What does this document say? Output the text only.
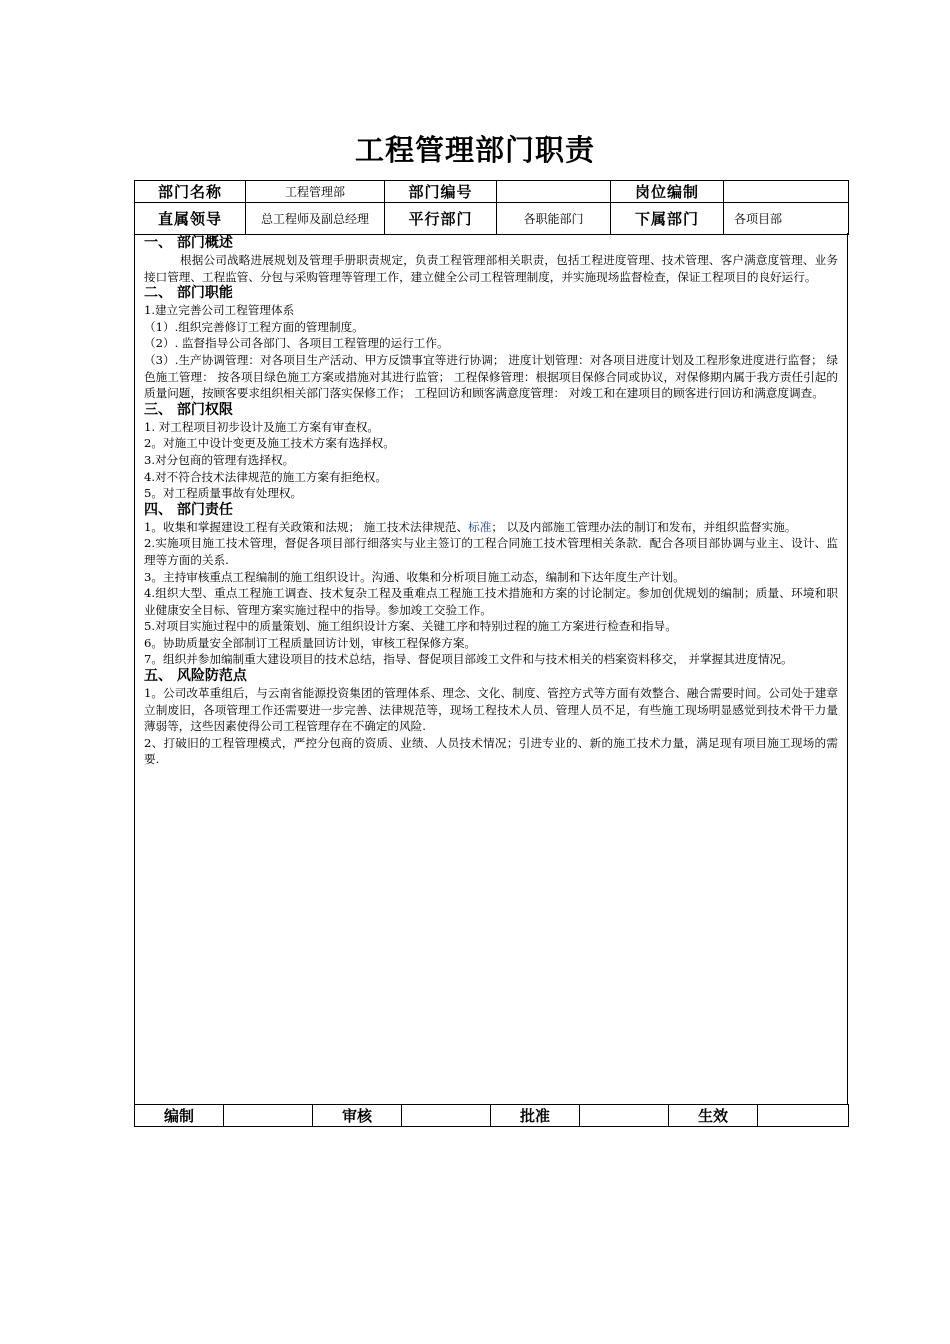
工程管理部门职责
部门名称	工程管理部	部门编号		岗位编制	
直属领导	总工程师及副总经理	平行部门	各职能部门	下属部门	各项目部
一、 部门概述

根据公司战略进展规划及管理手册职责规定，负责工程管理部相关职责，包括工程进度管理、技术管理、客户满意度管理、业务接口管理、工程监管、分包与采购管理等管理工作，建立健全公司工程管理制度，并实施现场监督检查，保证工程项目的良好运行。

二、 部门职能

1.建立完善公司工程管理体系

（1）.组织完善修订工程方面的管理制度。

（2）. 监督指导公司各部门、各项目工程管理的运行工作。

（3）.生产协调管理：对各项目生产活动、甲方反馈事宜等进行协调； 进度计划管理：对各项目进度计划及工程形象进度进行监督； 绿色施工管理： 按各项目绿色施工方案或措施对其进行监管； 工程保修管理：根据项目保修合同或协议，对保修期内属于我方责任引起的质量问题，按顾客要求组织相关部门落实保修工作； 工程回访和顾客满意度管理： 对竣工和在建项目的顾客进行回访和满意度调查。

三、 部门权限

1. 对工程项目初步设计及施工方案有审查权。

2。对施工中设计变更及施工技术方案有选择权。

3.对分包商的管理有选择权。

4.对不符合技术法律规范的施工方案有拒绝权。

5。对工程质量事故有处理权。

四、 部门责任

1。收集和掌握建设工程有关政策和法规； 施工技术法律规范、标准； 以及内部施工管理办法的制订和发布，并组织监督实施。

2.实施项目施工技术管理，督促各项目部行细落实与业主签订的工程合同施工技术管理相关条款．配合各项目部协调与业主、设计、监理等方面的关系.

3。主持审核重点工程编制的施工组织设计。沟通、收集和分析项目施工动态，编制和下达年度生产计划。

4.组织大型、重点工程施工调查、技术复杂工程及重难点工程施工技术措施和方案的讨论制定。参加创优规划的编制；质量、环境和职业健康安全目标、管理方案实施过程中的指导。参加竣工交验工作。

5.对项目实施过程中的质量策划、施工组织设计方案、关键工序和特别过程的施工方案进行检查和指导。

6。协助质量安全部制订工程质量回访计划，审核工程保修方案。

7。组织并参加编制重大建设项目的技术总结，指导、督促项目部竣工文件和与技术相关的档案资料移交， 并掌握其进度情况。

五、 风险防范点

1。公司改革重组后，与云南省能源投资集团的管理体系、理念、文化、制度、管控方式等方面有效整合、融合需要时间。公司处于建章立制废旧，各项管理工作还需要进一步完善、法律规范等，现场工程技术人员、管理人员不足，有些施工现场明显感觉到技术骨干力量薄弱等，这些因素使得公司工程管理存在不确定的风险.

2、打破旧的工程管理模式，严控分包商的资质、业绩、人员技术情况；引进专业的、新的施工技术力量，满足现有项目施工现场的需要.

编制		审核		批准		生效	
